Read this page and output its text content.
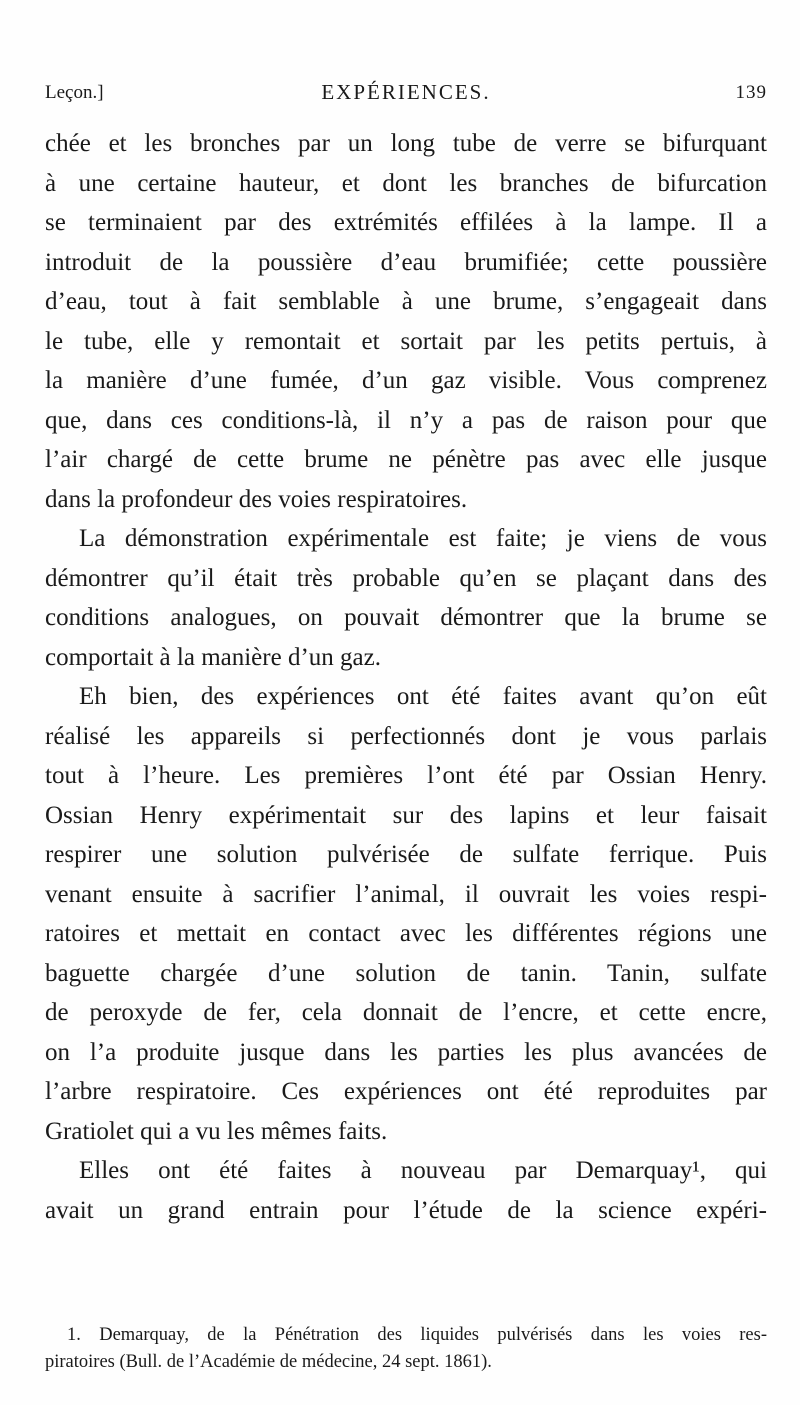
Leçon.]	EXPÉRIENCES.	139
chée et les bronches par un long tube de verre se bifurquant
à une certaine hauteur, et dont les branches de bifurcation
se terminaient par des extrémités effilées à la lampe. Il a
introduit de la poussière d’eau brumifiée; cette poussière
d’eau, tout à fait semblable à une brume, s’engageait dans
le tube, elle y remontait et sortait par les petits pertuis, à
la manière d’une fumée, d’un gaz visible. Vous comprenez
que, dans ces conditions-là, il n’y a pas de raison pour que
l’air chargé de cette brume ne pénètre pas avec elle jusque
dans la profondeur des voies respiratoires.
La démonstration expérimentale est faite; je viens de vous
démontrer qu’il était très probable qu’en se plaçant dans des
conditions analogues, on pouvait démontrer que la brume se
comportait à la manière d’un gaz.
Eh bien, des expériences ont été faites avant qu’on eût
réalisé les appareils si perfectionnés dont je vous parlais
tout à l’heure. Les premières l’ont été par Ossian Henry.
Ossian Henry expérimentait sur des lapins et leur faisait
respirer une solution pulvérisée de sulfate ferrique. Puis
venant ensuite à sacrifier l’animal, il ouvrait les voies respi-
ratoires et mettait en contact avec les différentes régions une
baguette chargée d’une solution de tanin. Tanin, sulfate
de peroxyde de fer, cela donnait de l’encre, et cette encre,
on l’a produite jusque dans les parties les plus avancées de
l’arbre respiratoire. Ces expériences ont été reproduites par
Gratiolet qui a vu les mêmes faits.
Elles ont été faites à nouveau par Demarquay¹, qui
avait un grand entrain pour l’étude de la science expéri-
1. Demarquay, de la Pénétration des liquides pulvérisés dans les voies res-
piratoires (Bull. de l’Académie de médecine, 24 sept. 1861).
